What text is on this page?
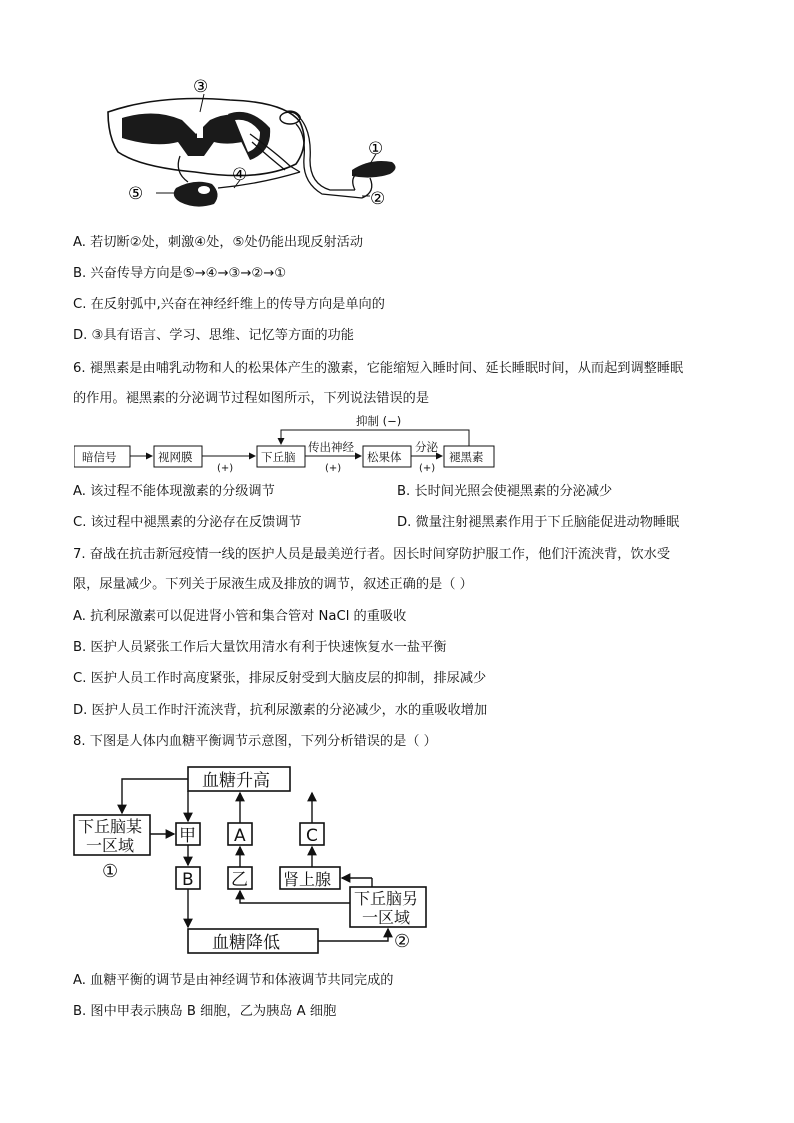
③
①
②
⑤
④
A. 若切断②处，刺激④处，⑤处仍能出现反射活动
B. 兴奋传导方向是⑤→④→③→②→①
C. 在反射弧中,兴奋在神经纤维上的传导方向是单向的
D. ③具有语言、学习、思维、记忆等方面的功能
6. 褪黑素是由哺乳动物和人的松果体产生的激素，它能缩短入睡时间、延长睡眠时间，从而起到调整睡眠
的作用。褪黑素的分泌调节过程如图所示，下列说法错误的是
暗信号	视网膜	下丘脑	松果体	褪黑素
抑制 (−)
传出神经	分泌
(+)	(+)	(+)
A. 该过程不能体现激素的分级调节	B. 长时间光照会使褪黑素的分泌减少
C. 该过程中褪黑素的分泌存在反馈调节	D. 微量注射褪黑素作用于下丘脑能促进动物睡眠
7. 奋战在抗击新冠疫情一线的医护人员是最美逆行者。因长时间穿防护服工作，他们汗流浃背，饮水受
限，尿量减少。下列关于尿液生成及排放的调节，叙述正确的是（ ）
A. 抗利尿激素可以促进肾小管和集合管对 NaCl 的重吸收
B. 医护人员紧张工作后大量饮用清水有利于快速恢复水一盐平衡
C. 医护人员工作时高度紧张，排尿反射受到大脑皮层的抑制，排尿减少
D. 医护人员工作时汗流浃背，抗利尿激素的分泌减少，水的重吸收增加
8. 下图是人体内血糖平衡调节示意图，下列分析错误的是（ ）
血糖升高
血糖降低
下丘脑某
一区域
①
甲 A	C
B 乙 肾上腺
下丘脑另
一区域
②
A. 血糖平衡的调节是由神经调节和体液调节共同完成的
B. 图中甲表示胰岛 B 细胞，乙为胰岛 A 细胞
